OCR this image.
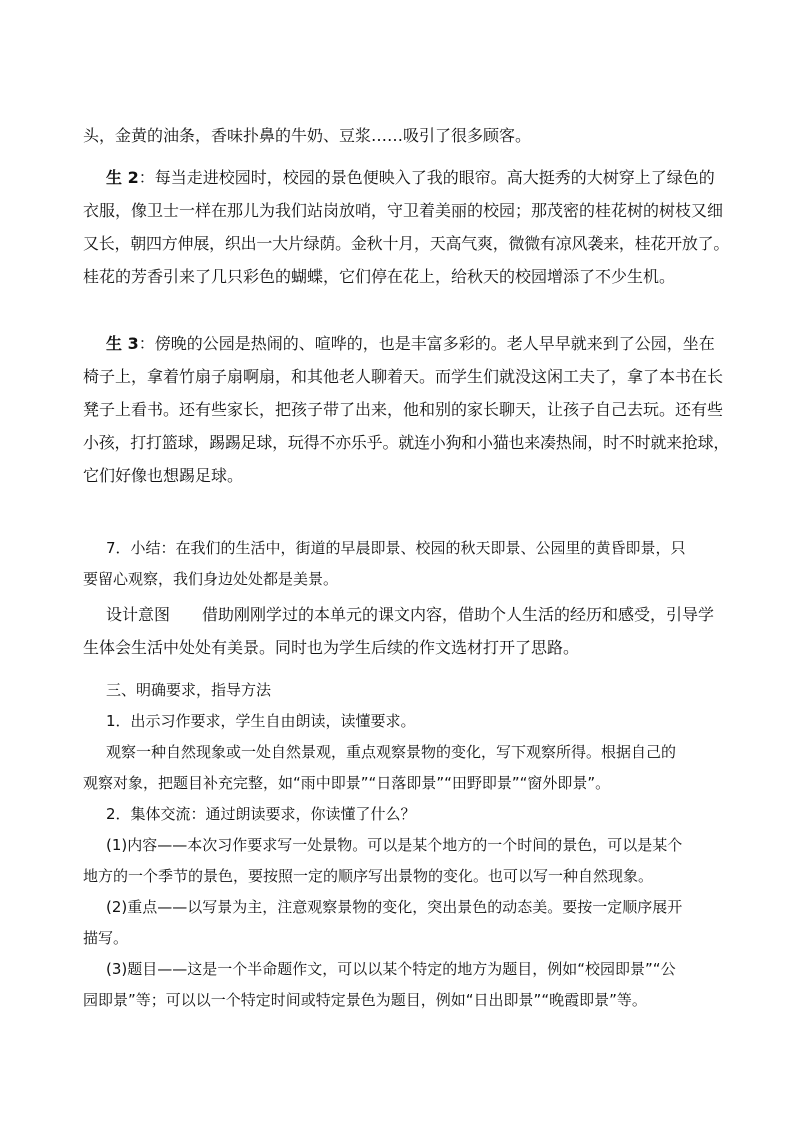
头，金黄的油条，香味扑鼻的牛奶、豆浆……吸引了很多顾客。
生 2：每当走进校园时，校园的景色便映入了我的眼帘。高大挺秀的大树穿上了绿色的
衣服，像卫士一样在那儿为我们站岗放哨，守卫着美丽的校园；那茂密的桂花树的树枝又细
又长，朝四方伸展，织出一大片绿荫。金秋十月，天高气爽，微微有凉风袭来，桂花开放了。
桂花的芳香引来了几只彩色的蝴蝶，它们停在花上，给秋天的校园增添了不少生机。
生 3：傍晚的公园是热闹的、喧哗的，也是丰富多彩的。老人早早就来到了公园，坐在
椅子上，拿着竹扇子扇啊扇，和其他老人聊着天。而学生们就没这闲工夫了，拿了本书在长
凳子上看书。还有些家长，把孩子带了出来，他和别的家长聊天，让孩子自己去玩。还有些
小孩，打打篮球，踢踢足球，玩得不亦乐乎。就连小狗和小猫也来凑热闹，时不时就来抢球，
它们好像也想踢足球。
7．小结：在我们的生活中，街道的早晨即景、校园的秋天即景、公园里的黄昏即景，只
要留心观察，我们身边处处都是美景。
设计意图　　借助刚刚学过的本单元的课文内容，借助个人生活的经历和感受，引导学
生体会生活中处处有美景。同时也为学生后续的作文选材打开了思路。
三、明确要求，指导方法
1．出示习作要求，学生自由朗读，读懂要求。
观察一种自然现象或一处自然景观，重点观察景物的变化，写下观察所得。根据自己的
观察对象，把题目补充完整，如“雨中即景”“日落即景”“田野即景”“窗外即景”。
2．集体交流：通过朗读要求，你读懂了什么？
(1)内容——本次习作要求写一处景物。可以是某个地方的一个时间的景色，可以是某个
地方的一个季节的景色，要按照一定的顺序写出景物的变化。也可以写一种自然现象。
(2)重点——以写景为主，注意观察景物的变化，突出景色的动态美。要按一定顺序展开
描写。
(3)题目——这是一个半命题作文，可以以某个特定的地方为题目，例如“校园即景”“公
园即景”等；可以以一个特定时间或特定景色为题目，例如“日出即景”“晚霞即景”等。
